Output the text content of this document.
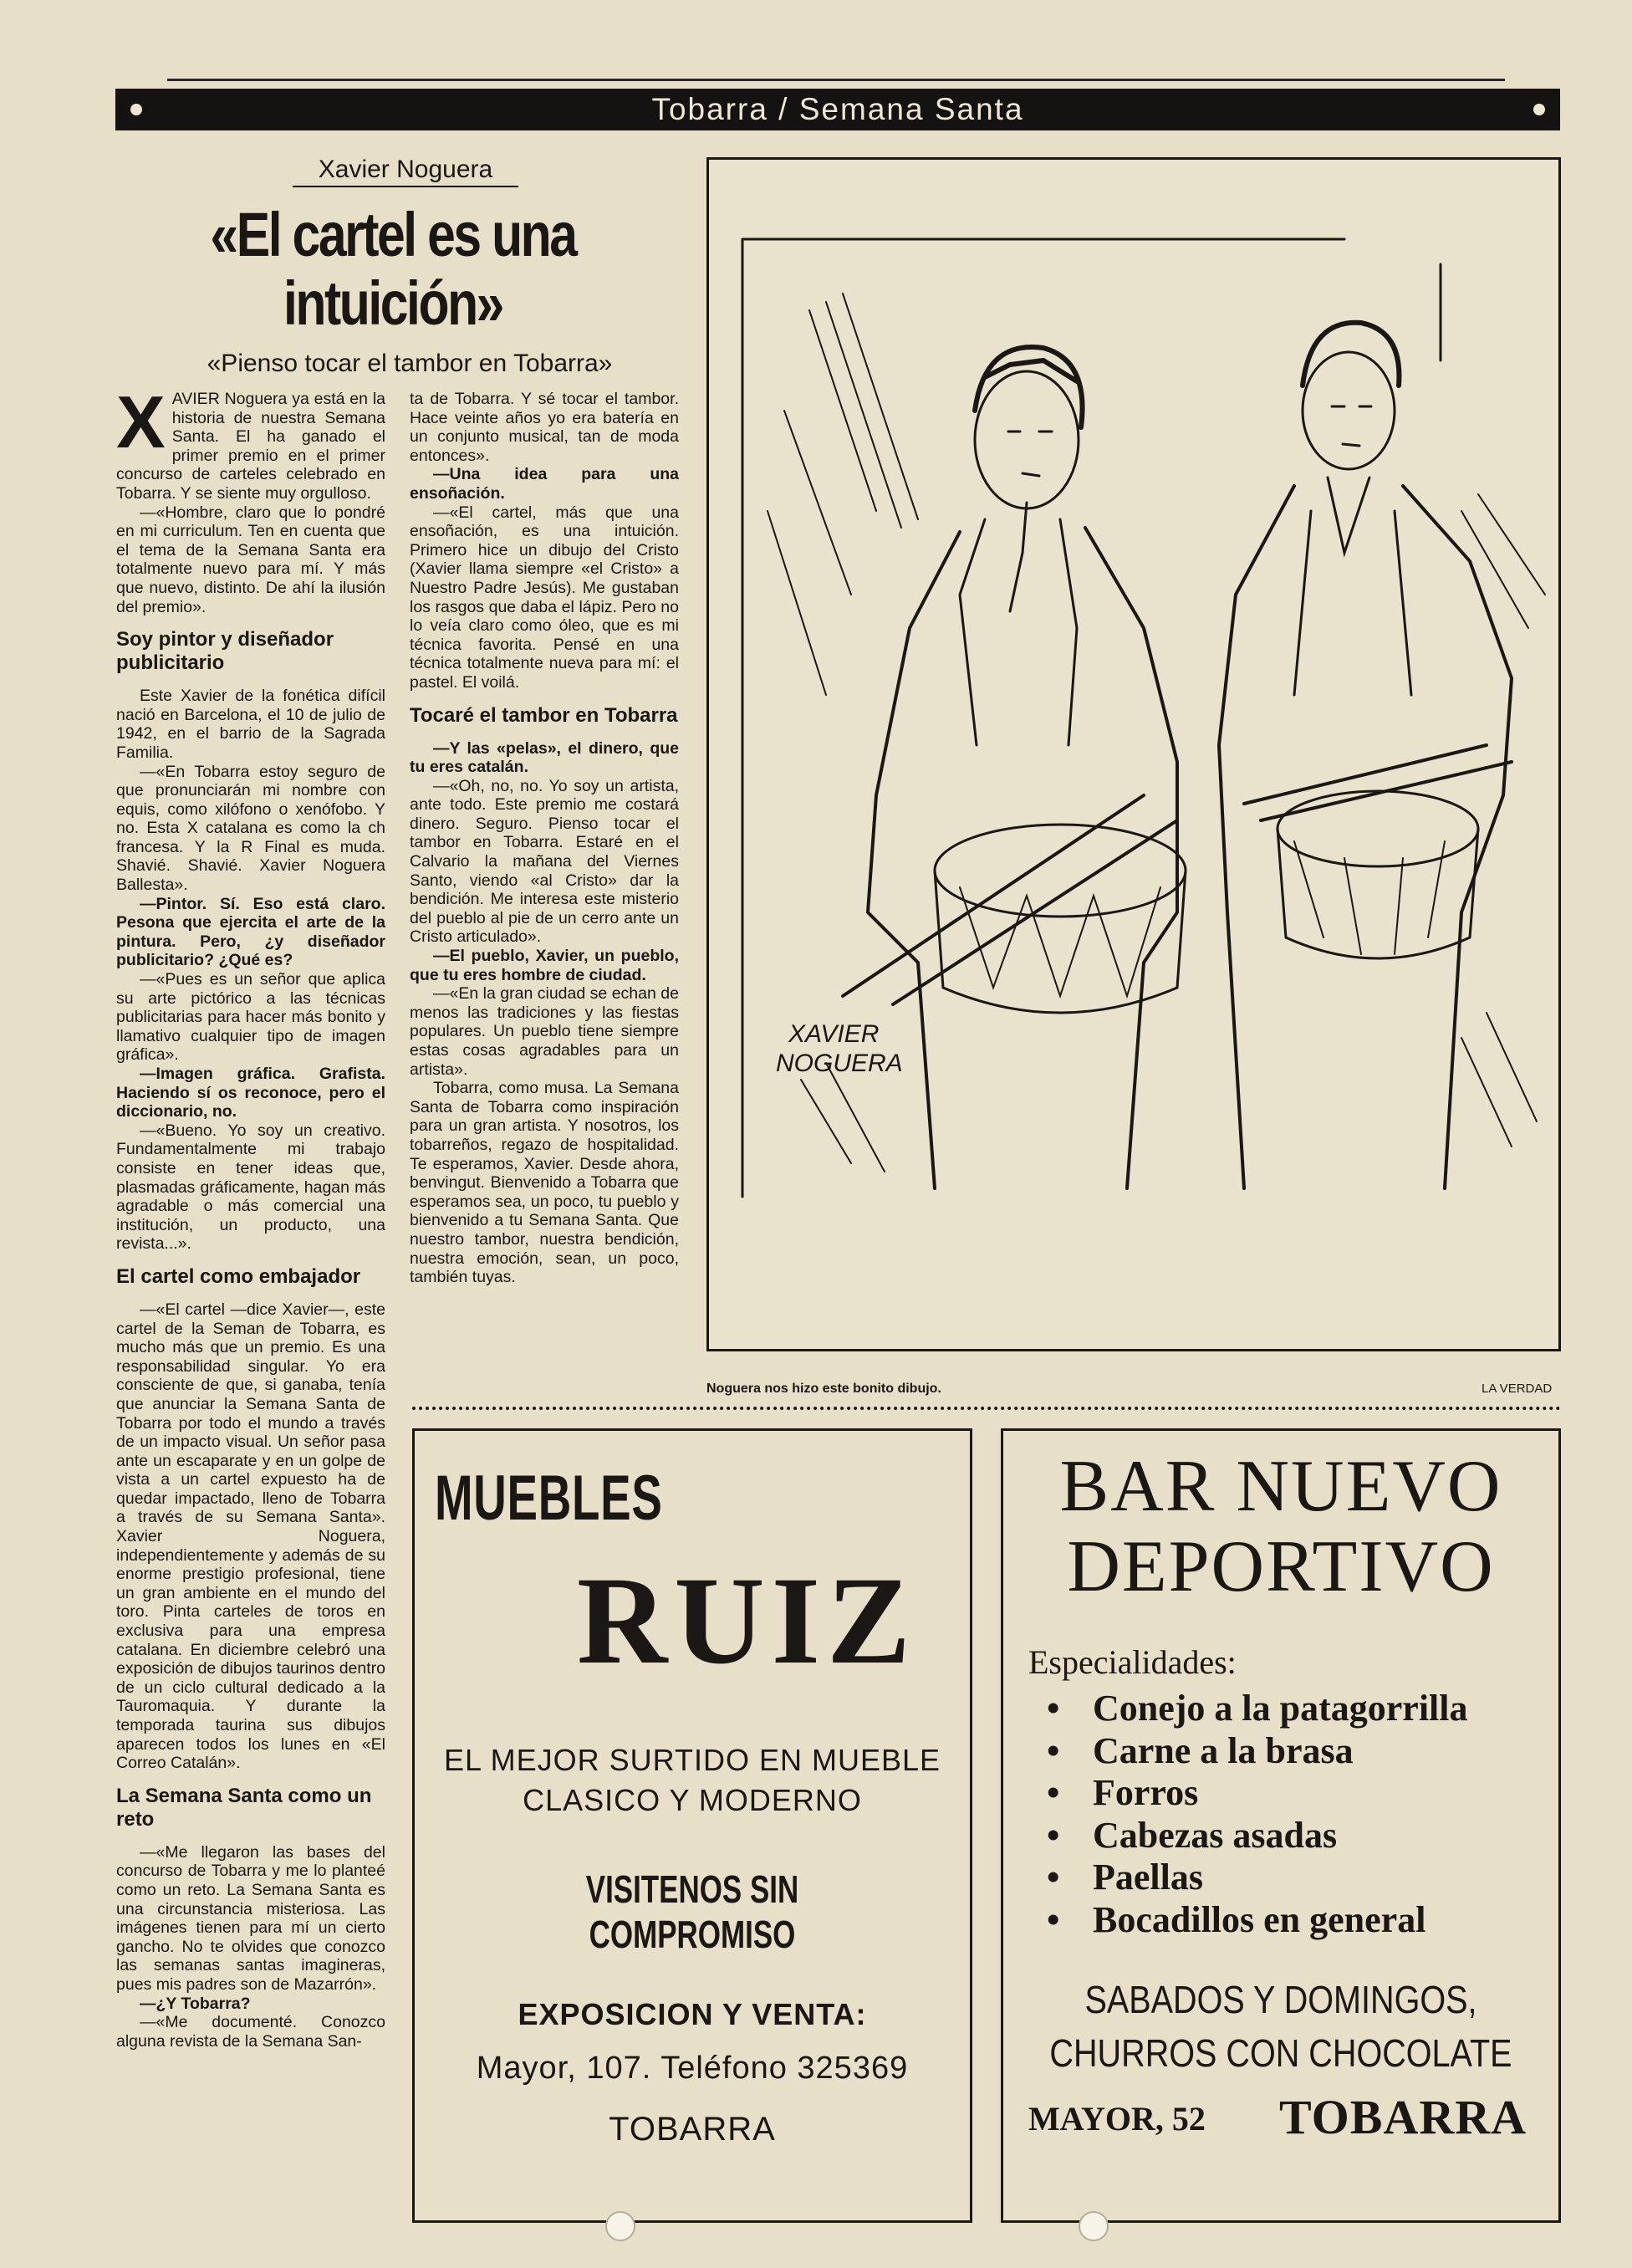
Tobarra / Semana Santa
Xavier Noguera
«El cartel es una
intuición»
«Pienso tocar el tambor en Tobarra»

XAVIER Noguera ya está en la historia de nuestra Semana Santa. El ha ganado el primer premio en el primer concurso de carteles celebrado en Tobarra. Y se siente muy orgulloso.

—«Hombre, claro que lo pondré en mi curriculum. Ten en cuenta que el tema de la Semana Santa era totalmente nuevo para mí. Y más que nuevo, distinto. De ahí la ilusión del premio».

Soy pintor y diseñador publicitario

Este Xavier de la fonética difícil nació en Barcelona, el 10 de julio de 1942, en el barrio de la Sagrada Familia.

—«En Tobarra estoy seguro de que pronunciarán mi nombre con equis, como xilófono o xenófobo. Y no. Esta X catalana es como la ch francesa. Y la R Final es muda. Shavié. Shavié. Xavier Noguera Ballesta».

—Pintor. Sí. Eso está claro. Pesona que ejercita el arte de la pintura. Pero, ¿y diseñador publicitario? ¿Qué es?

—«Pues es un señor que aplica su arte pictórico a las técnicas publicitarias para hacer más bonito y llamativo cualquier tipo de imagen gráfica».

—Imagen gráfica. Grafista. Haciendo sí os reconoce, pero el diccionario, no.

—«Bueno. Yo soy un creativo. Fundamentalmente mi trabajo consiste en tener ideas que, plasmadas gráficamente, hagan más agradable o más comercial una institución, un producto, una revista...».

El cartel como embajador

—«El cartel —dice Xavier—, este cartel de la Seman de Tobarra, es mucho más que un premio. Es una responsabilidad singular. Yo era consciente de que, si ganaba, tenía que anunciar la Semana Santa de Tobarra por todo el mundo a través de un impacto visual. Un señor pasa ante un escaparate y en un golpe de vista a un cartel expuesto ha de quedar impactado, lleno de Tobarra a través de su Semana Santa». Xavier Noguera, independientemente y además de su enorme prestigio profesional, tiene un gran ambiente en el mundo del toro. Pinta carteles de toros en exclusiva para una empresa catalana. En diciembre celebró una exposición de dibujos taurinos dentro de un ciclo cultural dedicado a la Tauromaquia. Y durante la temporada taurina sus dibujos aparecen todos los lunes en «El Correo Catalán».

La Semana Santa como un reto

—«Me llegaron las bases del concurso de Tobarra y me lo planteé como un reto. La Semana Santa es una circunstancia misteriosa. Las imágenes tienen para mí un cierto gancho. No te olvides que conozco las semanas santas imagineras, pues mis padres son de Mazarrón».

—¿Y Tobarra?

—«Me documenté. Conozco alguna revista de la Semana San-

ta de Tobarra. Y sé tocar el tambor. Hace veinte años yo era batería en un conjunto musical, tan de moda entonces».

—Una idea para una ensoñación.

—«El cartel, más que una ensoñación, es una intuición. Primero hice un dibujo del Cristo (Xavier llama siempre «el Cristo» a Nuestro Padre Jesús). Me gustaban los rasgos que daba el lápiz. Pero no lo veía claro como óleo, que es mi técnica favorita. Pensé en una técnica totalmente nueva para mí: el pastel. El voilá.

Tocaré el tambor en Tobarra

—Y las «pelas», el dinero, que tu eres catalán.

—«Oh, no, no. Yo soy un artista, ante todo. Este premio me costará dinero. Seguro. Pienso tocar el tambor en Tobarra. Estaré en el Calvario la mañana del Viernes Santo, viendo «al Cristo» dar la bendición. Me interesa este misterio del pueblo al pie de un cerro ante un Cristo articulado».

—El pueblo, Xavier, un pueblo, que tu eres hombre de ciudad.

—«En la gran ciudad se echan de menos las tradiciones y las fiestas populares. Un pueblo tiene siempre estas cosas agradables para un artista».

Tobarra, como musa. La Semana Santa de Tobarra como inspiración para un gran artista. Y nosotros, los tobarreños, regazo de hospitalidad. Te esperamos, Xavier. Desde ahora, benvingut. Bienvenido a Tobarra que esperamos sea, un poco, tu pueblo y bienvenido a tu Semana Santa. Que nuestro tambor, nuestra bendición, nuestra emoción, sean, un poco, también tuyas.

XAVIER
NOGUERA
Noguera nos hizo este bonito dibujo.	LA VERDAD
MUEBLES
RUIZ
EL MEJOR SURTIDO EN MUEBLE
CLASICO Y MODERNO
VISITENOS SIN COMPROMISO
EXPOSICION Y VENTA:
Mayor, 107. Teléfono 325369
TOBARRA
BAR NUEVO
DEPORTIVO
Especialidades:
• Conejo a la patagorrilla
• Carne a la brasa
• Forros
• Cabezas asadas
• Paellas
• Bocadillos en general
SABADOS Y DOMINGOS,
CHURROS CON CHOCOLATE
MAYOR, 52 TOBARRA
